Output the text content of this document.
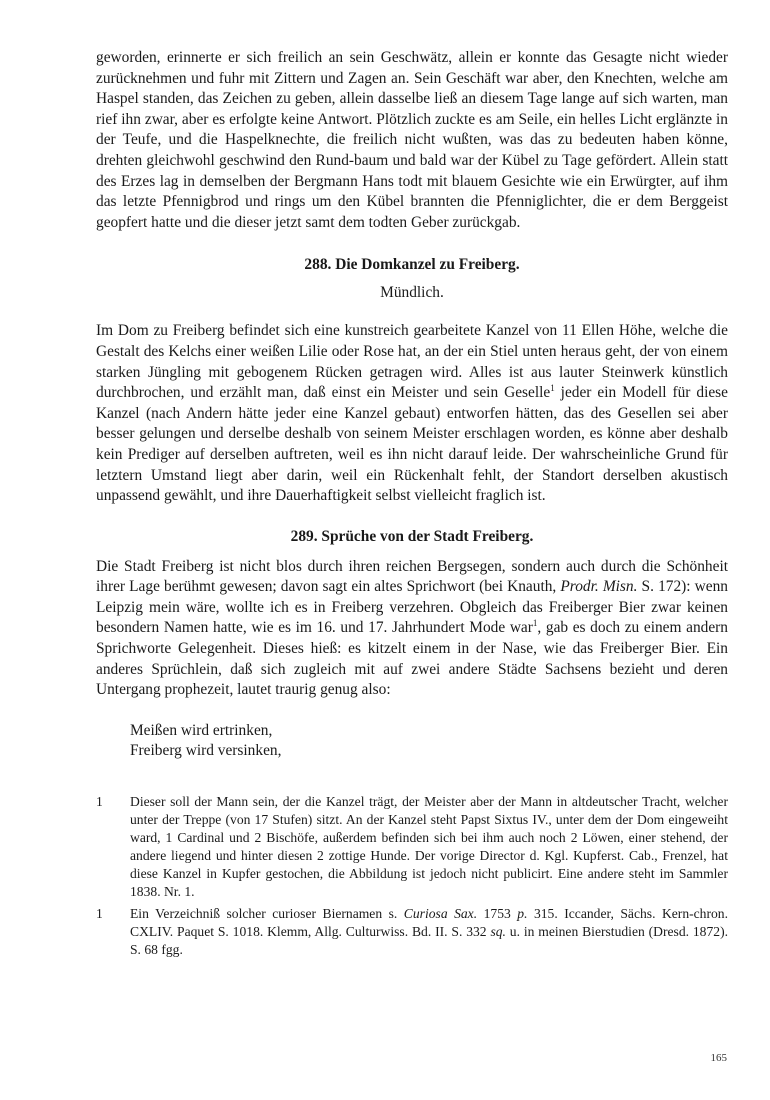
geworden, erinnerte er sich freilich an sein Geschwätz, allein er konnte das Gesagte nicht wieder zurücknehmen und fuhr mit Zittern und Zagen an. Sein Geschäft war aber, den Knechten, welche am Haspel standen, das Zeichen zu geben, allein dasselbe ließ an diesem Tage lange auf sich warten, man rief ihn zwar, aber es erfolgte keine Antwort. Plötzlich zuckte es am Seile, ein helles Licht erglänzte in der Teufe, und die Haspelknechte, die freilich nicht wußten, was das zu bedeuten haben könne, drehten gleichwohl geschwind den Rund-baum und bald war der Kübel zu Tage gefördert. Allein statt des Erzes lag in demselben der Bergmann Hans todt mit blauem Gesichte wie ein Erwürgter, auf ihm das letzte Pfennigbrod und rings um den Kübel brannten die Pfenniglichter, die er dem Berggeist geopfert hatte und die dieser jetzt samt dem todten Geber zurückgab.

288. Die Domkanzel zu Freiberg.

Mündlich.

Im Dom zu Freiberg befindet sich eine kunstreich gearbeitete Kanzel von 11 Ellen Höhe, welche die Gestalt des Kelchs einer weißen Lilie oder Rose hat, an der ein Stiel unten heraus geht, der von einem starken Jüngling mit gebogenem Rücken getragen wird. Alles ist aus lauter Steinwerk künstlich durchbrochen, und erzählt man, daß einst ein Meister und sein Geselle$^1$ jeder ein Modell für diese Kanzel (nach Andern hätte jeder eine Kanzel gebaut) entworfen hätten, das des Gesellen sei aber besser gelungen und derselbe deshalb von seinem Meister erschlagen worden, es könne aber deshalb kein Prediger auf derselben auftreten, weil es ihn nicht darauf leide. Der wahrscheinliche Grund für letztern Umstand liegt aber darin, weil ein Rückenhalt fehlt, der Standort derselben akustisch unpassend gewählt, und ihre Dauerhaftigkeit selbst vielleicht fraglich ist.

289. Sprüche von der Stadt Freiberg.

Die Stadt Freiberg ist nicht blos durch ihren reichen Bergsegen, sondern auch durch die Schönheit ihrer Lage berühmt gewesen; davon sagt ein altes Sprichwort (bei Knauth, Prodr. Misn. S. 172): wenn Leipzig mein wäre, wollte ich es in Freiberg verzehren. Obgleich das Freiberger Bier zwar keinen besondern Namen hatte, wie es im 16. und 17. Jahrhundert Mode war$^1$, gab es doch zu einem andern Sprichworte Gelegenheit. Dieses hieß: es kitzelt einem in der Nase, wie das Freiberger Bier. Ein anderes Sprüchlein, daß sich zugleich mit auf zwei andere Städte Sachsens bezieht und deren Untergang prophezeit, lautet traurig genug also:

Meißen wird ertrinken,

Freiberg wird versinken,

1	Dieser soll der Mann sein, der die Kanzel trägt, der Meister aber der Mann in altdeutscher Tracht, welcher unter der Treppe (von 17 Stufen) sitzt. An der Kanzel steht Papst Sixtus IV., unter dem der Dom eingeweiht ward, 1 Cardinal und 2 Bischöfe, außerdem befinden sich bei ihm auch noch 2 Löwen, einer stehend, der andere liegend und hinter diesen 2 zottige Hunde. Der vorige Director d. Kgl. Kupferst. Cab., Frenzel, hat diese Kanzel in Kupfer gestochen, die Abbildung ist jedoch nicht publicirt. Eine andere steht im Sammler 1838. Nr. 1.
1	Ein Verzeichniß solcher curioser Biernamen s. Curiosa Sax. 1753 p. 315. Iccander, Sächs. Kern-chron. CXLIV. Paquet S. 1018. Klemm, Allg. Culturwiss. Bd. II. S. 332 sq. u. in meinen Bierstudien (Dresd. 1872). S. 68 fgg.
165
